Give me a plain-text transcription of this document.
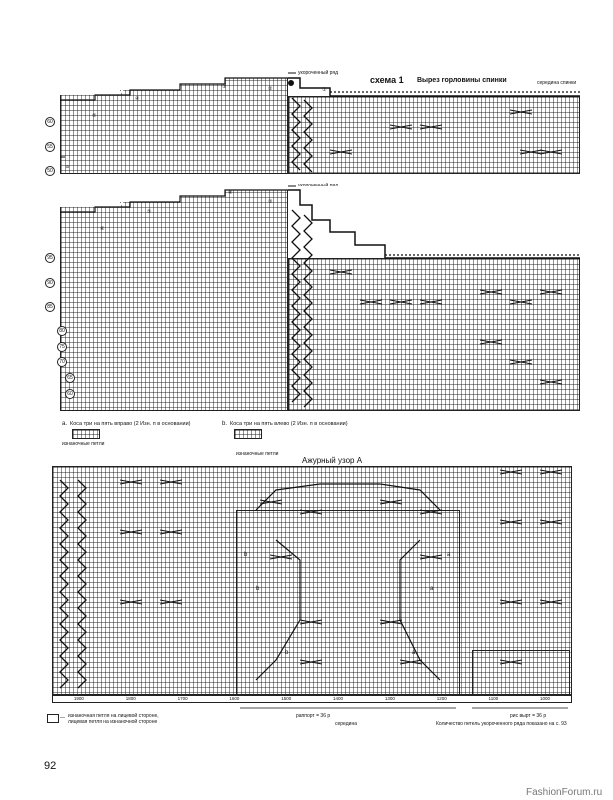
схема 1 Вырез горловины спинки
укороченный ряд
середина спинки
60
55
50
①
②
③
④
⑤
a
95
90
85
80
75
70
65
60
③
④
⑤
⑥
a. Коса три на пять вправо (2 Изн. п в основании)
изнаночные петли
b. Коса три на пять влево (2 Изн. п в основании)
изнаночные петли
Ажурный узор А
b	a
b	a
b	a
1900	1800	1700	1600	1500	1400	1300	1200	1100	1000
раппорт = 36 р
середина
рис вырт = 36 р
Количество петель укороченного ряда показано на с. 93
— изнаночная петля на лицевой стороне, лицевая петля на изнаночной стороне
92
FashionForum.ru
